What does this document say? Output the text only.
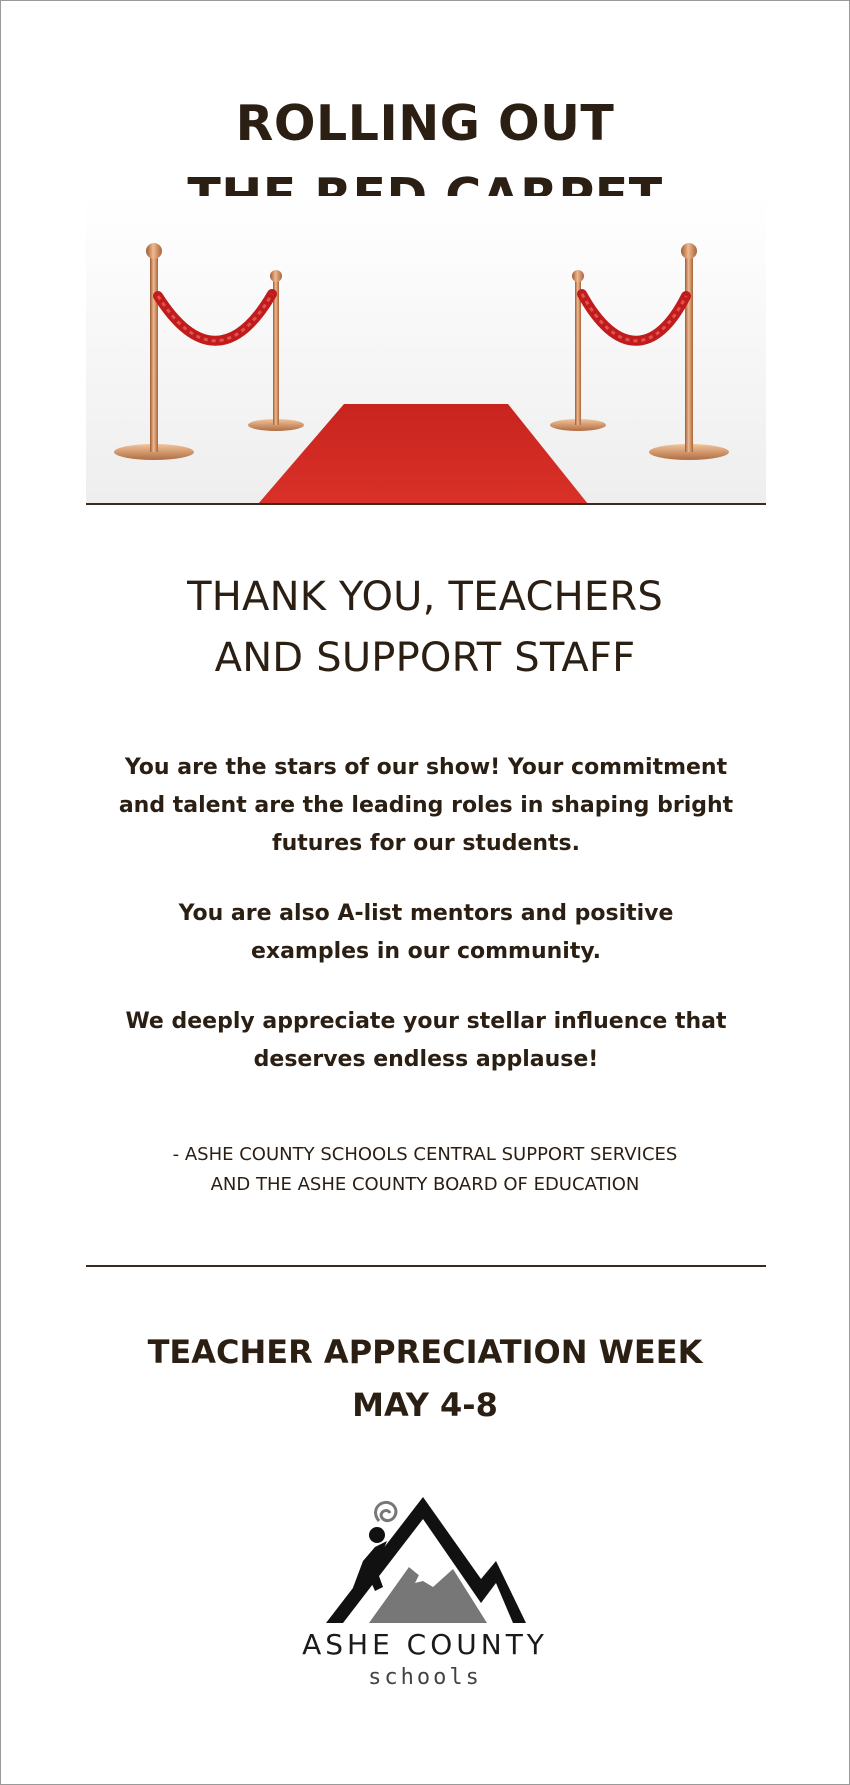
ROLLING OUT
THANK YOU, TEACHERS
AND SUPPORT STAFF
You are the stars of our show! Your commitment
and talent are the leading roles in shaping bright
futures for our students.
You are also A-list mentors and positive
examples in our community.
We deeply appreciate your stellar influence that
deserves endless applause!
- ASHE COUNTY SCHOOLS CENTRAL SUPPORT SERVICES
AND THE ASHE COUNTY BOARD OF EDUCATION
TEACHER APPRECIATION WEEK
MAY 4-8
ASHE COUNTY
schools
